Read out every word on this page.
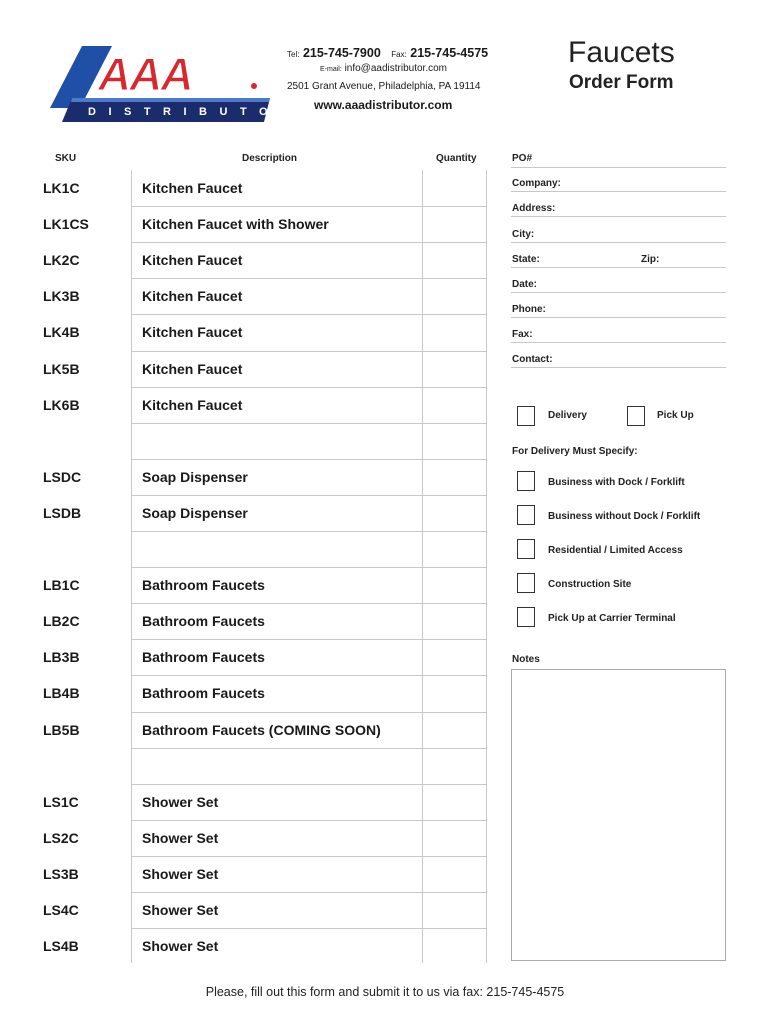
AAA
DISTRIBUTOR
Tel: 215-745-7900 Fax: 215-745-4575
E-mail: info@aadistributor.com
2501 Grant Avenue, Philadelphia, PA 19114
www.aaadistributor.com
Faucets
Order Form
SKU	Description	Quantity
LK1C	Kitchen Faucet
LK1CS	Kitchen Faucet with Shower
LK2C	Kitchen Faucet
LK3B	Kitchen Faucet
LK4B	Kitchen Faucet
LK5B	Kitchen Faucet
LK6B	Kitchen Faucet
LSDC	Soap Dispenser
LSDB	Soap Dispenser
LB1C	Bathroom Faucets
LB2C	Bathroom Faucets
LB3B	Bathroom Faucets
LB4B	Bathroom Faucets
LB5B	Bathroom Faucets (COMING SOON)
LS1C	Shower Set
LS2C	Shower Set
LS3B	Shower Set
LS4C	Shower Set
LS4B	Shower Set
PO#
Company:
Address:
City:
State:	Zip:
Date:
Phone:
Fax:
Contact:
Delivery	Pick Up
For Delivery Must Specify:
Business with Dock / Forklift
Business without Dock / Forklift
Residential / Limited Access
Construction Site
Pick Up at Carrier Terminal
Notes
Please, fill out this form and submit it to us via fax: 215-745-4575
